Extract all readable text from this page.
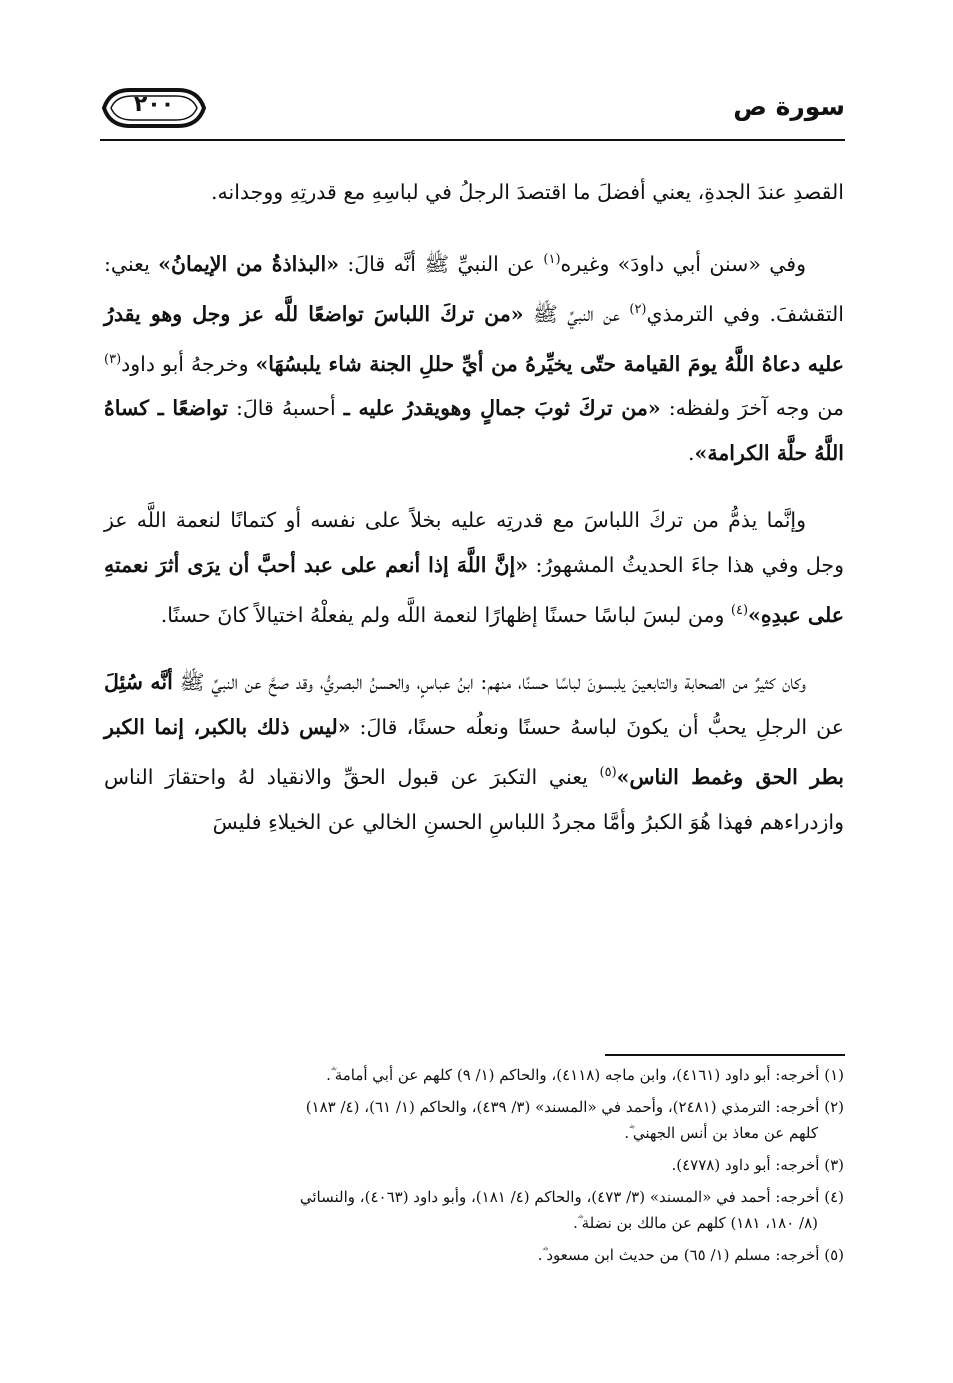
٢٠٠	سورة ص

القصدِ عندَ الجدةِ، يعني أفضلَ ما اقتصدَ الرجلُ في لباسِهِ مع قدرتِهِ ووجدانه.

وفي «سنن أبي داودَ» وغيره$^{(١)}$ عن النبيِّ ﷺ أنَّه قالَ: «البذاذةُ من الإيمانُ» يعني: التقشفَ. وفي الترمذي$^{(٢)}$ عن النبيِّ ﷺ «من تركَ اللباسَ تواضعًا للَّه عز وجل وهو يقدرُ عليه دعاهُ اللَّهُ يومَ القيامة حتّى يخيِّرهُ من أيِّ حللِ الجنة شاء يلبسُهَا» وخرجهُ أبو داود$^{(٣)}$ من وجه آخرَ ولفظه: «من تركَ ثوبَ جمالٍ وهويقدرُ عليه ـ أحسبهُ قالَ: تواضعًا ـ كساهُ اللَّهُ حلَّة الكرامة».

وإنَّما يذمُّ من تركَ اللباسَ مع قدرتِه عليه بخلاً على نفسه أو كتمانًا لنعمة اللَّه عز وجل وفي هذا جاءَ الحديثُ المشهورُ: «إنَّ اللَّهَ إذا أنعم على عبد أحبَّ أن يرَى أثرَ نعمتهِ على عبدِهِ»$^{(٤)}$ ومن لبسَ لباسًا حسنًا إظهارًا لنعمة اللَّه ولم يفعلْهُ اختيالاً كانَ حسنًا.

وكان كثيرٌ من الصحابة والتابعينَ يلبسونَ لباسًا حسنًا، منهم: ابنُ عباسٍ، والحسنُ البصريُّ، وقد صحَّ عن النبيِّ ﷺ أنَّه سُئِلَ عن الرجلِ يحبُّ أن يكونَ لباسهُ حسنًا ونعلُه حسنًا، قالَ: «ليس ذلك بالكبر، إنما الكبر بطر الحق وغمط الناس»$^{(٥)}$ يعني التكبرَ عن قبول الحقِّ والانقياد لهُ واحتقارَ الناس وازدراءهم فهذا هُوَ الكبرُ وأمَّا مجردُ اللباسِ الحسنِ الخالي عن الخيلاءِ فليسَ

(١) أخرجه: أبو داود (٤١٦١)، وابن ماجه (٤١١٨)، والحاكم (١/ ٩) كلهم عن أبي أمامة ؓ.
(٢) أخرجه: الترمذي (٢٤٨١)، وأحمد في «المسند» (٣/ ٤٣٩)، والحاكم (١/ ٦١)، (٤/ ١٨٣)
كلهم عن معاذ بن أنس الجهني ؓ.
(٣) أخرجه: أبو داود (٤٧٧٨).
(٤) أخرجه: أحمد في «المسند» (٣/ ٤٧٣)، والحاكم (٤/ ١٨١)، وأبو داود (٤٠٦٣)، والنسائي
(٨/ ١٨٠، ١٨١) كلهم عن مالك بن نضلة ؓ.
(٥) أخرجه: مسلم (١/ ٦٥) من حديث ابن مسعود ؓ.
